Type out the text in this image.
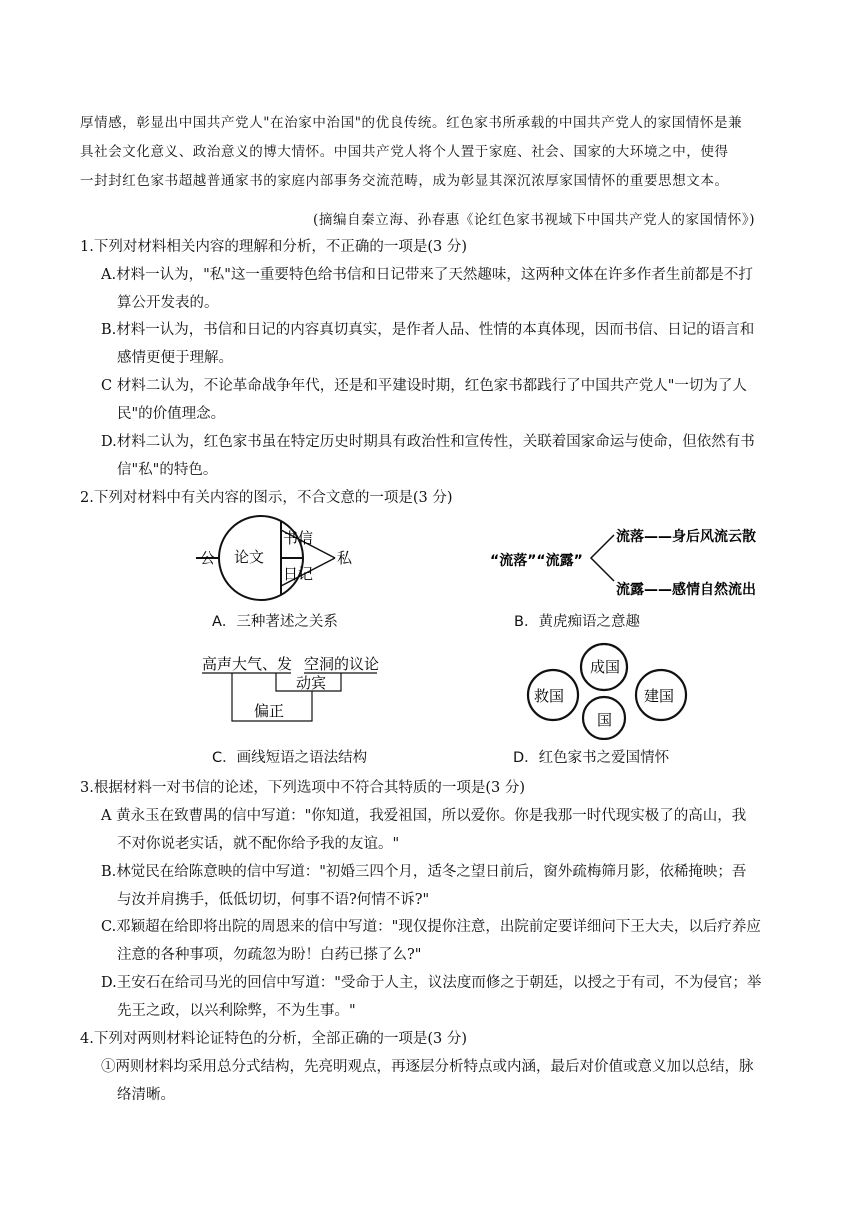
厚情感，彰显出中国共产党人"在治家中治国"的优良传统。红色家书所承载的中国共产党人的家国情怀是兼
具社会文化意义、政治意义的博大情怀。中国共产党人将个人置于家庭、社会、国家的大环境之中，使得
一封封红色家书超越普通家书的家庭内部事务交流范畴，成为彰显其深沉浓厚家国情怀的重要思想文本。
(摘编自秦立海、孙春惠《论红色家书视域下中国共产党人的家国情怀》)
1.下列对材料相关内容的理解和分析，不正确的一项是(3 分)
A.材料一认为，"私"这一重要特色给书信和日记带来了天然趣味，这两种文体在许多作者生前都是不打
算公开发表的。
B.材料一认为，书信和日记的内容真切真实，是作者人品、性情的本真体现，因而书信、日记的语言和
感情更便于理解。
C 材料二认为，不论革命战争年代，还是和平建设时期，红色家书都践行了中国共产党人"一切为了人
民"的价值理念。
D.材料二认为，红色家书虽在特定历史时期具有政治性和宣传性，关联着国家命运与使命，但依然有书
信"私"的特色。
2.下列对材料中有关内容的图示，不合文意的一项是(3 分)
公 论文
书信
日记
私
A．三种著述之关系
“流落”“流露”
流落——身后风流云散
流露——感情自然流出
B．黄虎痴语之意趣
高声大气、发 空洞的议论
动宾
偏正
C．画线短语之语法结构
成国
救国	建国
国
D．红色家书之爱国情怀
3.根据材料一对书信的论述，下列选项中不符合其特质的一项是(3 分)
A 黄永玉在致曹禺的信中写道："你知道，我爱祖国，所以爱你。你是我那一时代现实极了的高山，我
不对你说老实话，就不配你给予我的友谊。"
B.林觉民在给陈意映的信中写道："初婚三四个月，适冬之望日前后，窗外疏梅筛月影，依稀掩映；吾
与汝并肩携手，低低切切，何事不语?何情不诉?"
C.邓颖超在给即将出院的周恩来的信中写道："现仅提你注意，出院前定要详细问下王大夫，以后疗养应
注意的各种事项，勿疏忽为盼！白药已搽了么?"
D.王安石在给司马光的回信中写道："受命于人主，议法度而修之于朝廷，以授之于有司，不为侵官；举
先王之政，以兴利除弊，不为生事。"
4.下列对两则材料论证特色的分析，全部正确的一项是(3 分)
①两则材料均采用总分式结构，先亮明观点，再逐层分析特点或内涵，最后对价值或意义加以总结，脉
络清晰。
